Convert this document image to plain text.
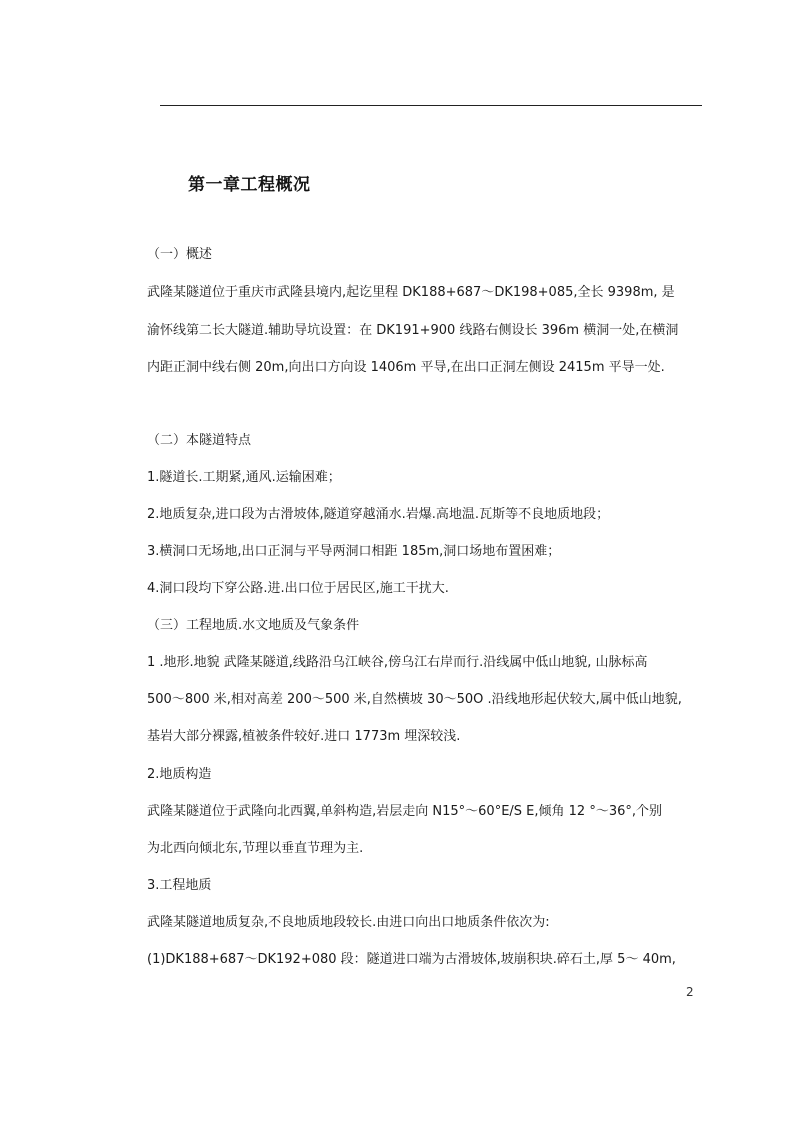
第一章工程概况
（一）概述
武隆某隧道位于重庆市武隆县境内,起讫里程 DK188+687～DK198+085,全长 9398m, 是
渝怀线第二长大隧道.辅助导坑设置：在 DK191+900 线路右侧设长 396m 横洞一处,在横洞
内距正洞中线右侧 20m,向出口方向设 1406m 平导,在出口正洞左侧设 2415m 平导一处.
（二）本隧道特点
1.隧道长.工期紧,通风.运输困难；
2.地质复杂,进口段为古滑坡体,隧道穿越涌水.岩爆.高地温.瓦斯等不良地质地段；
3.横洞口无场地,出口正洞与平导两洞口相距 185m,洞口场地布置困难；
4.洞口段均下穿公路.进.出口位于居民区,施工干扰大.
（三）工程地质.水文地质及气象条件
1 .地形.地貌 武隆某隧道,线路沿乌江峡谷,傍乌江右岸而行.沿线属中低山地貌, 山脉标高
500～800 米,相对高差 200～500 米,自然横坡 30～50O .沿线地形起伏较大,属中低山地貌,
基岩大部分裸露,植被条件较好.进口 1773m 埋深较浅.
2.地质构造
武隆某隧道位于武隆向北西翼,单斜构造,岩层走向 N15°～60°E/S E,倾角 12 °～36°,个别
为北西向倾北东,节理以垂直节理为主.
3.工程地质
武隆某隧道地质复杂,不良地质地段较长.由进口向出口地质条件依次为:
(1)DK188+687～DK192+080 段：隧道进口端为古滑坡体,坡崩积块.碎石土,厚 5～ 40m,
2
